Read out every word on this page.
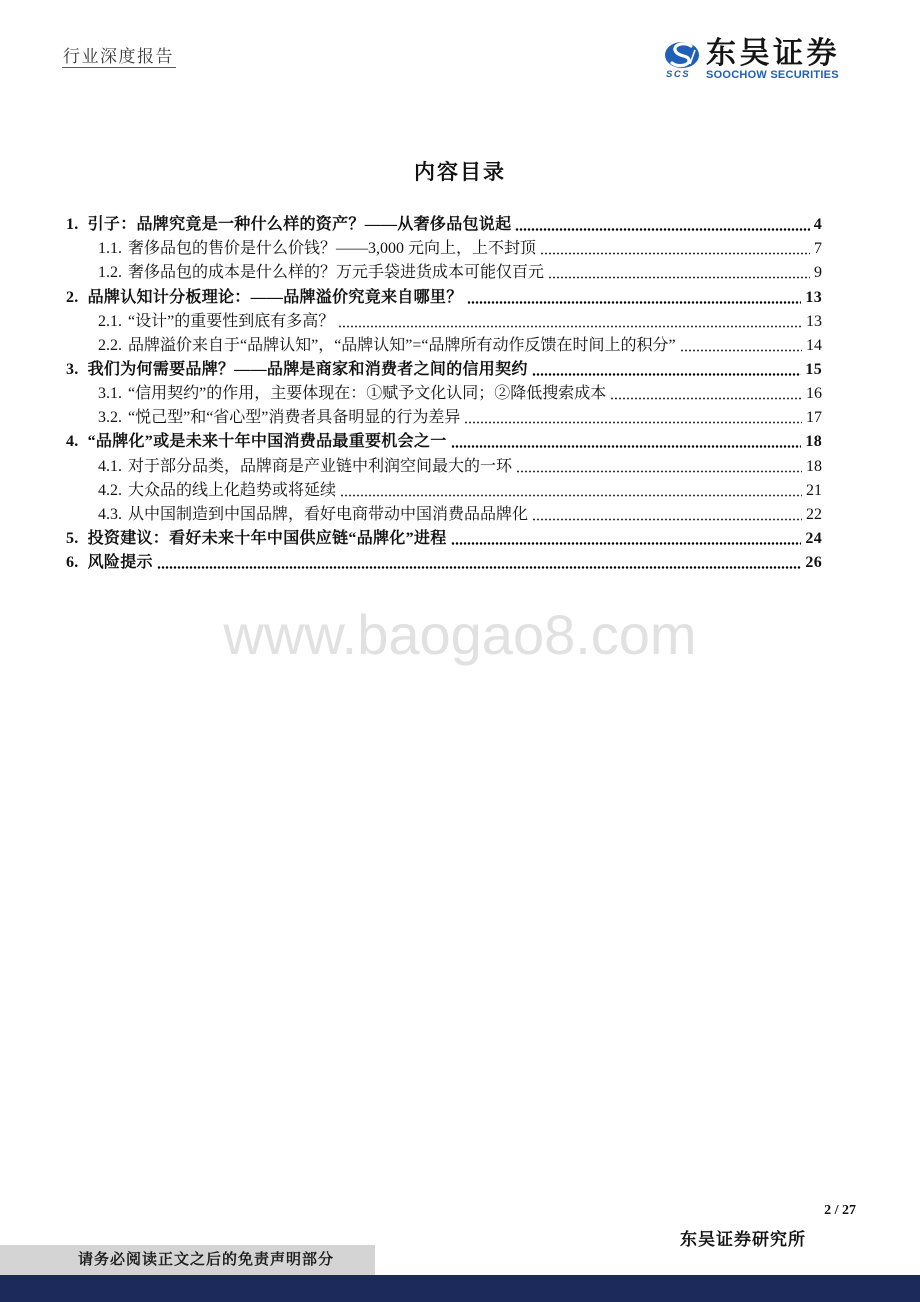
行业深度报告
SCS
东吴证券
SOOCHOW SECURITIES
内容目录
1. 引子：品牌究竟是一种什么样的资产？——从奢侈品包说起	4
1.1. 奢侈品包的售价是什么价钱？——3,000 元向上，上不封顶	7
1.2. 奢侈品包的成本是什么样的？万元手袋进货成本可能仅百元	9
2. 品牌认知计分板理论：——品牌溢价究竟来自哪里？	13
2.1. “设计”的重要性到底有多高？	13
2.2. 品牌溢价来自于“品牌认知”，“品牌认知”=“品牌所有动作反馈在时间上的积分”	14
3. 我们为何需要品牌？——品牌是商家和消费者之间的信用契约	15
3.1. “信用契约”的作用，主要体现在：①赋予文化认同；②降低搜索成本	16
3.2. “悦己型”和“省心型”消费者具备明显的行为差异	17
4. “品牌化”或是未来十年中国消费品最重要机会之一	18
4.1. 对于部分品类，品牌商是产业链中利润空间最大的一环	18
4.2. 大众品的线上化趋势或将延续	21
4.3. 从中国制造到中国品牌，看好电商带动中国消费品品牌化	22
5. 投资建议：看好未来十年中国供应链“品牌化”进程	24
6. 风险提示	26
www.baogao8.com
2 / 27
东吴证券研究所
请务必阅读正文之后的免责声明部分
